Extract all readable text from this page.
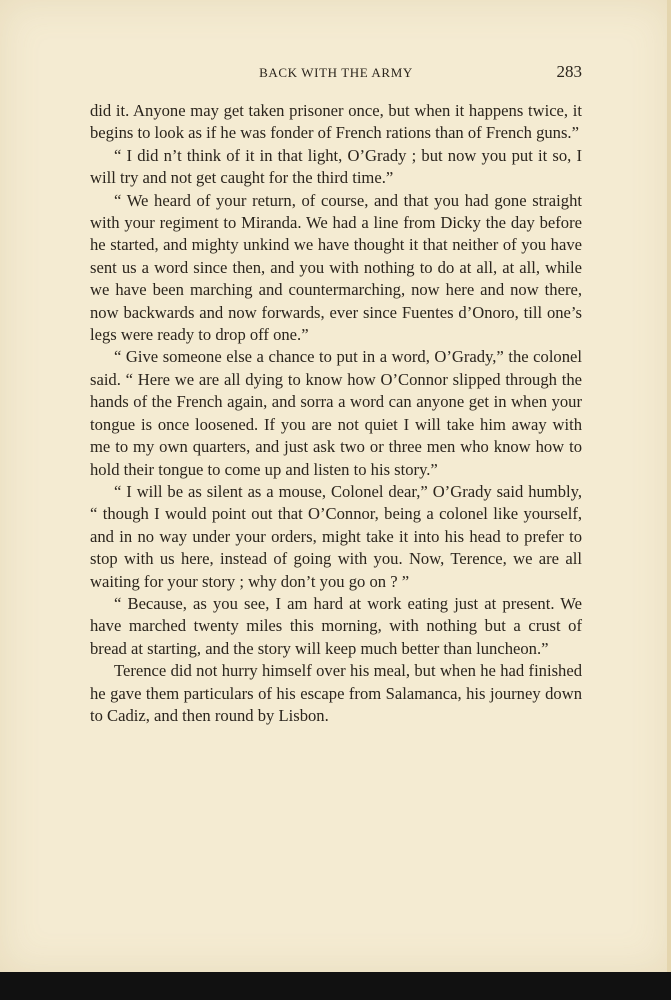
BACK WITH THE ARMY	283

did it. Anyone may get taken prisoner once, but when it happens twice, it begins to look as if he was fonder of French rations than of French guns.”

“ I did n’t think of it in that light, O’Grady ; but now you put it so, I will try and not get caught for the third time.”

“ We heard of your return, of course, and that you had gone straight with your regiment to Miranda. We had a line from Dicky the day before he started, and mighty unkind we have thought it that neither of you have sent us a word since then, and you with nothing to do at all, at all, while we have been marching and countermarching, now here and now there, now backwards and now forwards, ever since Fuentes d’Onoro, till one’s legs were ready to drop off one.”

“ Give someone else a chance to put in a word, O’Grady,” the colonel said. “ Here we are all dying to know how O’Connor slipped through the hands of the French again, and sorra a word can anyone get in when your tongue is once loosened. If you are not quiet I will take him away with me to my own quarters, and just ask two or three men who know how to hold their tongue to come up and listen to his story.”

“ I will be as silent as a mouse, Colonel dear,” O’Grady said humbly, “ though I would point out that O’Connor, being a colonel like yourself, and in no way under your orders, might take it into his head to prefer to stop with us here, instead of going with you. Now, Terence, we are all waiting for your story ; why don’t you go on ? ”

“ Because, as you see, I am hard at work eating just at present. We have marched twenty miles this morning, with nothing but a crust of bread at starting, and the story will keep much better than luncheon.”

Terence did not hurry himself over his meal, but when he had finished he gave them particulars of his escape from Salamanca, his journey down to Cadiz, and then round by Lisbon.
